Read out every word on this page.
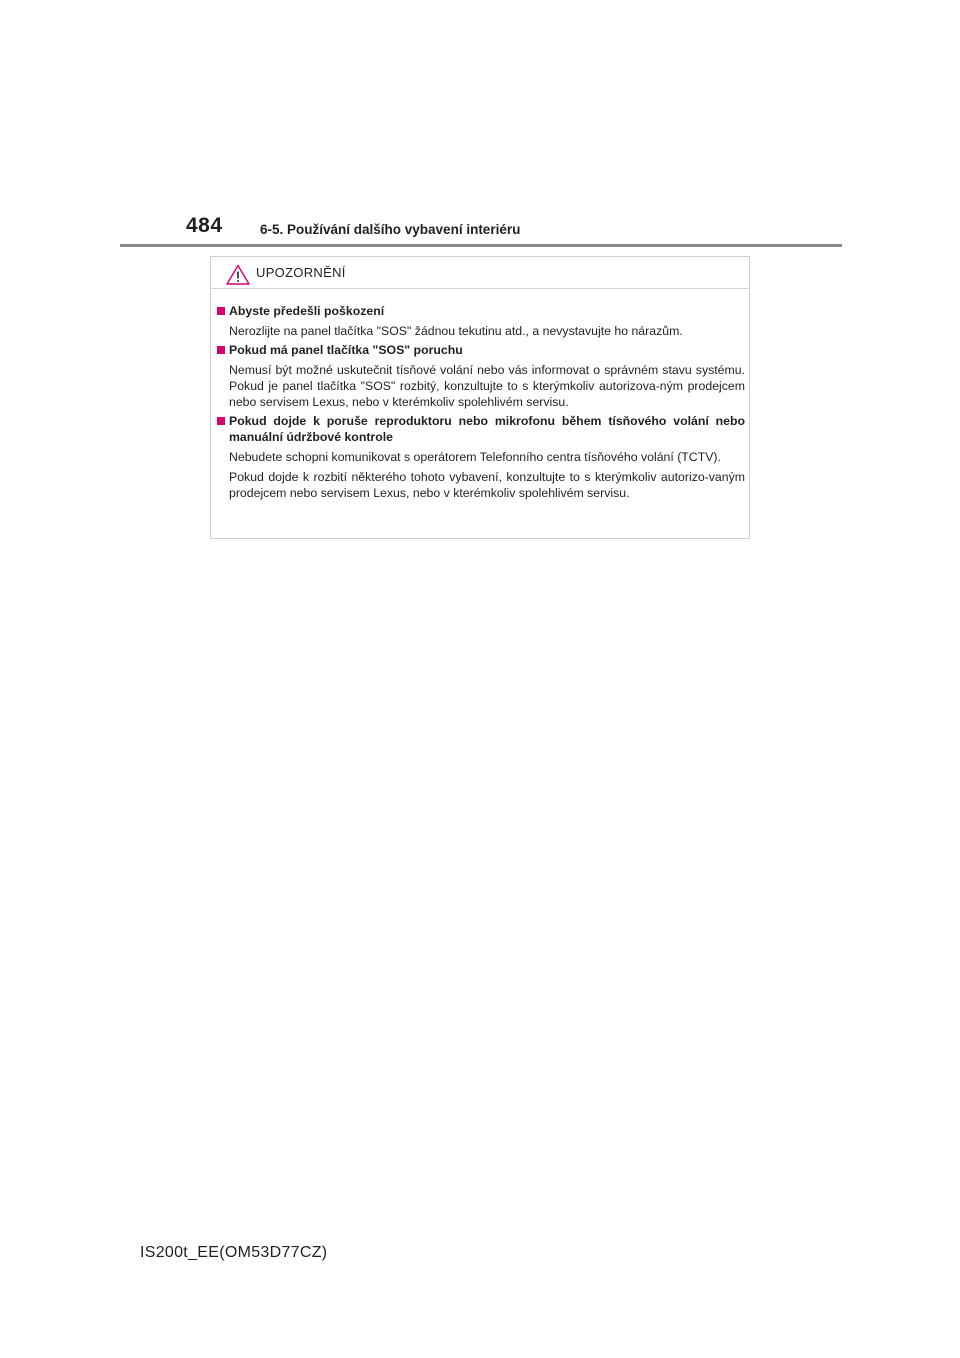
484	6-5. Používání dalšího vybavení interiéru
UPOZORNĚNÍ
Abyste předešli poškození
Nerozlijte na panel tlačítka "SOS" žádnou tekutinu atd., a nevystavujte ho nárazům.
Pokud má panel tlačítka "SOS" poruchu
Nemusí být možné uskutečnit tísňové volání nebo vás informovat o správném stavu systému. Pokud je panel tlačítka "SOS" rozbitý, konzultujte to s kterýmkoliv autorizova-ným prodejcem nebo servisem Lexus, nebo v kterémkoliv spolehlivém servisu.
Pokud dojde k poruše reproduktoru nebo mikrofonu během tísňového volání nebo manuální údržbové kontrole
Nebudete schopni komunikovat s operátorem Telefonního centra tísňového volání (TCTV).
Pokud dojde k rozbití některého tohoto vybavení, konzultujte to s kterýmkoliv autorizo-vaným prodejcem nebo servisem Lexus, nebo v kterémkoliv spolehlivém servisu.
IS200t_EE(OM53D77CZ)
